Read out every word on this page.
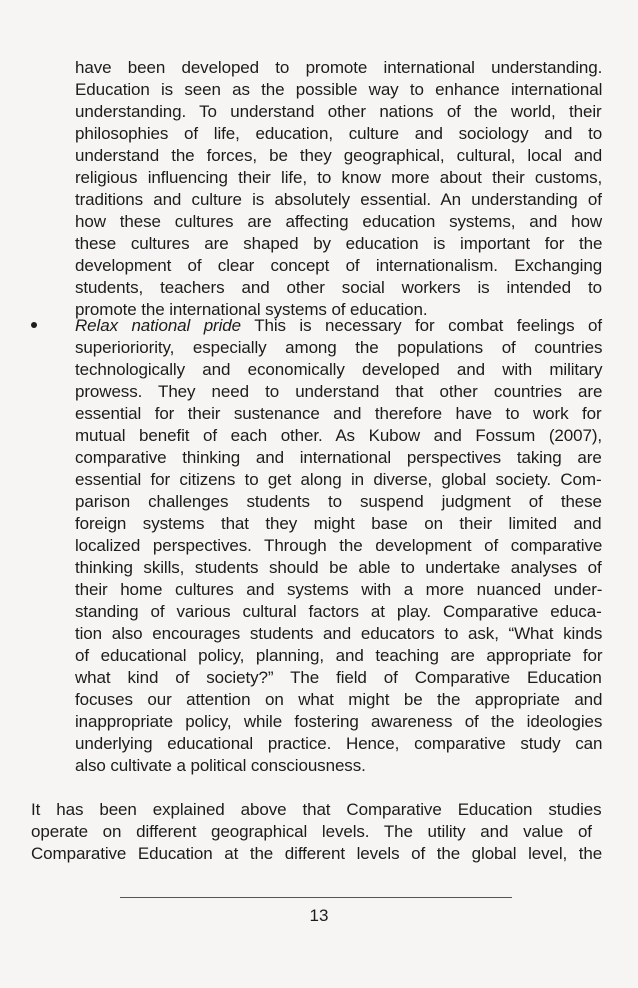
have been developed to promote international understanding.
Education is seen as the possible way to enhance international
understanding. To understand other nations of the world, their
philosophies of life, education, culture and sociology and to
understand the forces, be they geographical, cultural, local and
religious influencing their life, to know more about their customs,
traditions and culture is absolutely essential. An understanding of
how these cultures are affecting education systems, and how
these cultures are shaped by education is important for the
development of clear concept of internationalism. Exchanging
students, teachers and other social workers is intended to
promote the international systems of education.
Relax national pride This is necessary for combat feelings of
superioriority, especially among the populations of countries
technologically and economically developed and with military
prowess. They need to understand that other countries are
essential for their sustenance and therefore have to work for
mutual benefit of each other. As Kubow and Fossum (2007),
comparative thinking and international perspectives taking are
essential for citizens to get along in diverse, global society. Com-
parison challenges students to suspend judgment of these
foreign systems that they might base on their limited and
localized perspectives. Through the development of comparative
thinking skills, students should be able to undertake analyses of
their home cultures and systems with a more nuanced under-
standing of various cultural factors at play. Comparative educa-
tion also encourages students and educators to ask, “What kinds
of educational policy, planning, and teaching are appropriate for
what kind of society?” The field of Comparative Education
focuses our attention on what might be the appropriate and
inappropriate policy, while fostering awareness of the ideologies
underlying educational practice. Hence, comparative study can
also cultivate a political consciousness.
It has been explained above that Comparative Education studies
operate on different geographical levels. The utility and value of
Comparative Education at the different levels of the global level, the
13
